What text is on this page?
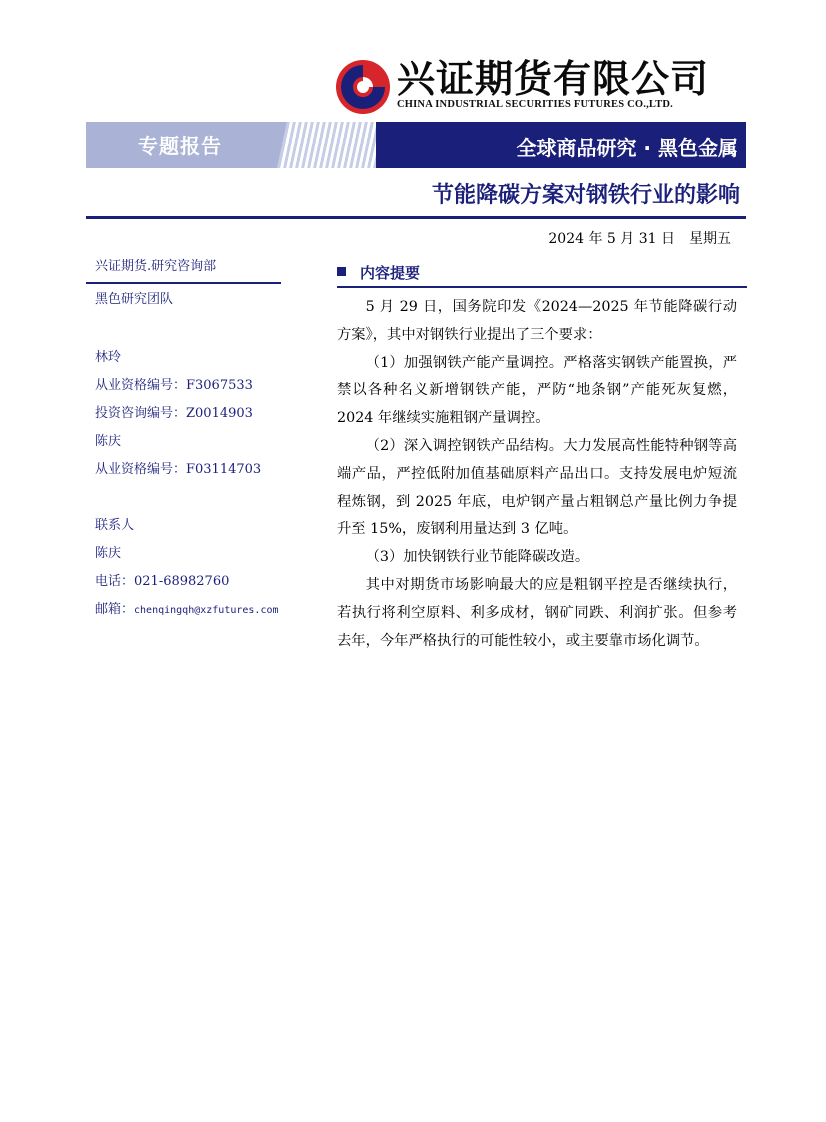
兴证期货有限公司
CHINA INDUSTRIAL SECURITIES FUTURES CO.,LTD.
专题报告	全球商品研究 · 黑色金属
节能降碳方案对钢铁行业的影响
2024 年 5 月 31 日　星期五
兴证期货.研究咨询部
黑色研究团队
林玲
从业资格编号：F3067533
投资咨询编号：Z0014903
陈庆
从业资格编号：F03114703
联系人
陈庆
电话：021-68982760
邮箱：chenqingqh@xzfutures.com
内容提要

5 月 29 日，国务院印发《2024—2025 年节能降碳行动方案》，其中对钢铁行业提出了三个要求：

（1）加强钢铁产能产量调控。严格落实钢铁产能置换，严禁以各种名义新增钢铁产能，严防“地条钢”产能死灰复燃，2024 年继续实施粗钢产量调控。

（2）深入调控钢铁产品结构。大力发展高性能特种钢等高端产品，严控低附加值基础原料产品出口。支持发展电炉短流程炼钢，到 2025 年底，电炉钢产量占粗钢总产量比例力争提升至 15%，废钢利用量达到 3 亿吨。

（3）加快钢铁行业节能降碳改造。

其中对期货市场影响最大的应是粗钢平控是否继续执行，若执行将利空原料、利多成材，钢矿同跌、利润扩张。但参考去年，今年严格执行的可能性较小，或主要靠市场化调节。
